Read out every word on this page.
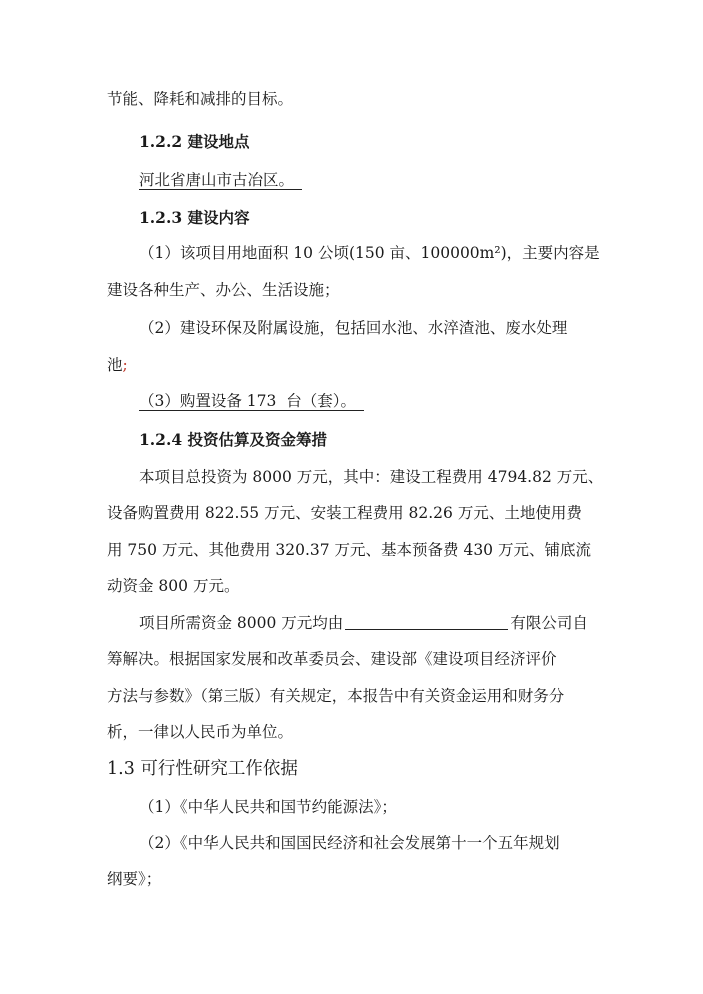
节能、降耗和减排的目标。
1.2.2 建设地点
河北省唐山市古冶区。
1.2.3 建设内容
（1）该项目用地面积 10 公顷(150 亩、100000m²)，主要内容是
建设各种生产、办公、生活设施；
（2）建设环保及附属设施，包括回水池、水淬渣池、废水处理
池;
（3）购置设备 173  台（套）。
1.2.4 投资估算及资金筹措
本项目总投资为 8000 万元，其中：建设工程费用 4794.82 万元、
设备购置费用 822.55 万元、安装工程费用 82.26 万元、土地使用费
用 750 万元、其他费用 320.37 万元、基本预备费 430 万元、铺底流
动资金 800 万元。
项目所需资金 8000 万元均由	有限公司自
筹解决。根据国家发展和改革委员会、建设部《建设项目经济评价
方法与参数》（第三版）有关规定，本报告中有关资金运用和财务分
析，一律以人民币为单位。
1.3 可行性研究工作依据
（1）《中华人民共和国节约能源法》；
（2）《中华人民共和国国民经济和社会发展第十一个五年规划
纲要》；
